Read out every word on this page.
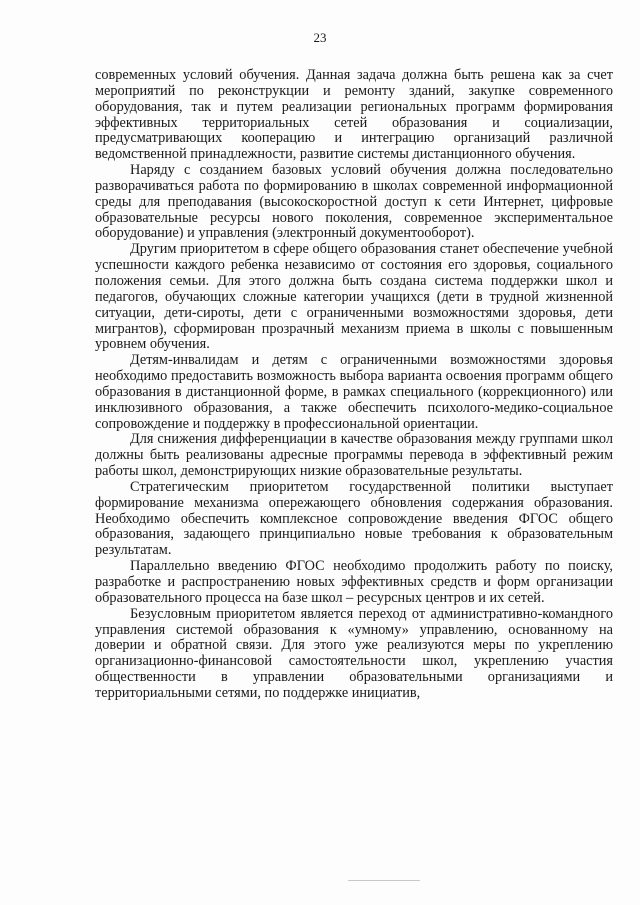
23

современных условий обучения. Данная задача должна быть решена как за счет мероприятий по реконструкции и ремонту зданий, закупке современного оборудования, так и путем реализации региональных программ формирования эффективных территориальных сетей образования и социализации, предусматривающих кооперацию и интеграцию организаций различной ведомственной принадлежности, развитие системы дистанционного обучения.

Наряду с созданием базовых условий обучения должна последовательно разворачиваться работа по формированию в школах современной информационной среды для преподавания (высокоскоростной доступ к сети Интернет, цифровые образовательные ресурсы нового поколения, современное экспериментальное оборудование) и управления (электронный документооборот).

Другим приоритетом в сфере общего образования станет обеспечение учебной успешности каждого ребенка независимо от состояния его здоровья, социального положения семьи. Для этого должна быть создана система поддержки школ и педагогов, обучающих сложные категории учащихся (дети в трудной жизненной ситуации, дети-сироты, дети с ограниченными возможностями здоровья, дети мигрантов), сформирован прозрачный механизм приема в школы с повышенным уровнем обучения.

Детям-инвалидам и детям с ограниченными возможностями здоровья необходимо предоставить возможность выбора варианта освоения программ общего образования в дистанционной форме, в рамках специального (коррекционного) или инклюзивного образования, а также обеспечить психолого-медико-социальное сопровождение и поддержку в профессиональной ориентации.

Для снижения дифференциации в качестве образования между группами школ должны быть реализованы адресные программы перевода в эффективный режим работы школ, демонстрирующих низкие образовательные результаты.

Стратегическим приоритетом государственной политики выступает формирование механизма опережающего обновления содержания образования. Необходимо обеспечить комплексное сопровождение введения ФГОС общего образования, задающего принципиально новые требования к образовательным результатам.

Параллельно введению ФГОС необходимо продолжить работу по поиску, разработке и распространению новых эффективных средств и форм организации образовательного процесса на базе школ – ресурсных центров и их сетей.

Безусловным приоритетом является переход от административно-командного управления системой образования к «умному» управлению, основанному на доверии и обратной связи. Для этого уже реализуются меры по укреплению организационно-финансовой самостоятельности школ, укреплению участия общественности в управлении образовательными организациями и территориальными сетями, по поддержке инициатив,
